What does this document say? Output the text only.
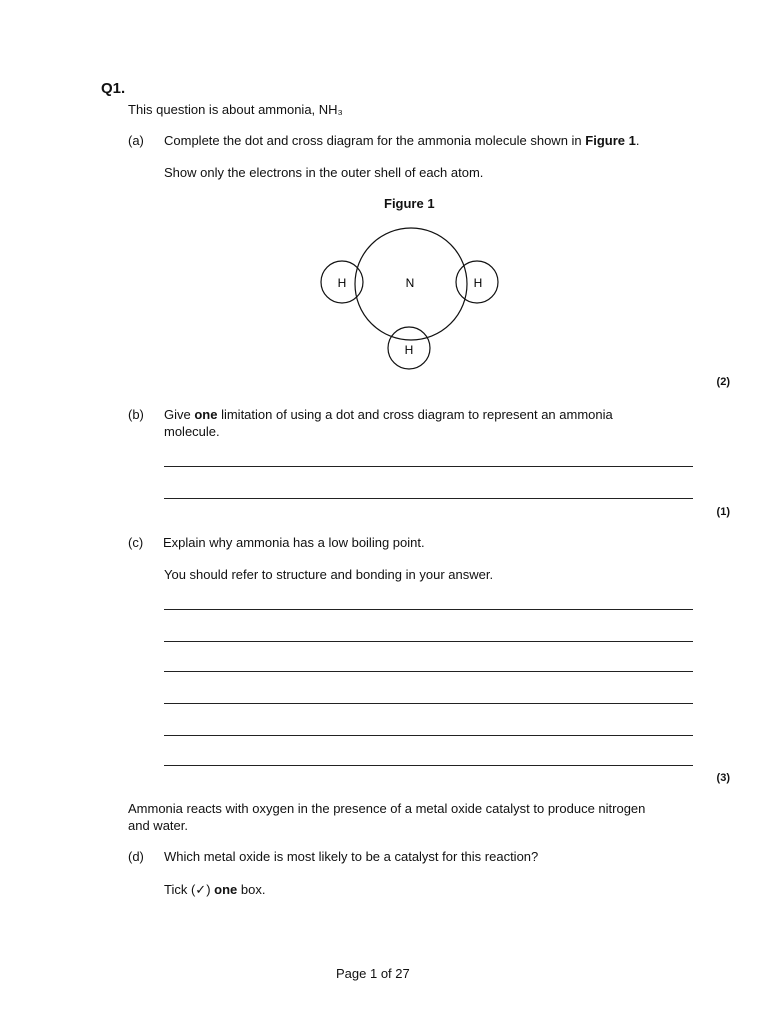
Q1.
This question is about ammonia, NH₃
(a)	Complete the dot and cross diagram for the ammonia molecule shown in Figure 1.
Show only the electrons in the outer shell of each atom.
Figure 1
N
H	H
H
(2)
(b)	Give one limitation of using a dot and cross diagram to represent an ammonia
molecule.
(1)
(c)	Explain why ammonia has a low boiling point.
You should refer to structure and bonding in your answer.
(3)
Ammonia reacts with oxygen in the presence of a metal oxide catalyst to produce nitrogen
and water.
(d)	Which metal oxide is most likely to be a catalyst for this reaction?
Tick (✓) one box.
Page 1 of 27
